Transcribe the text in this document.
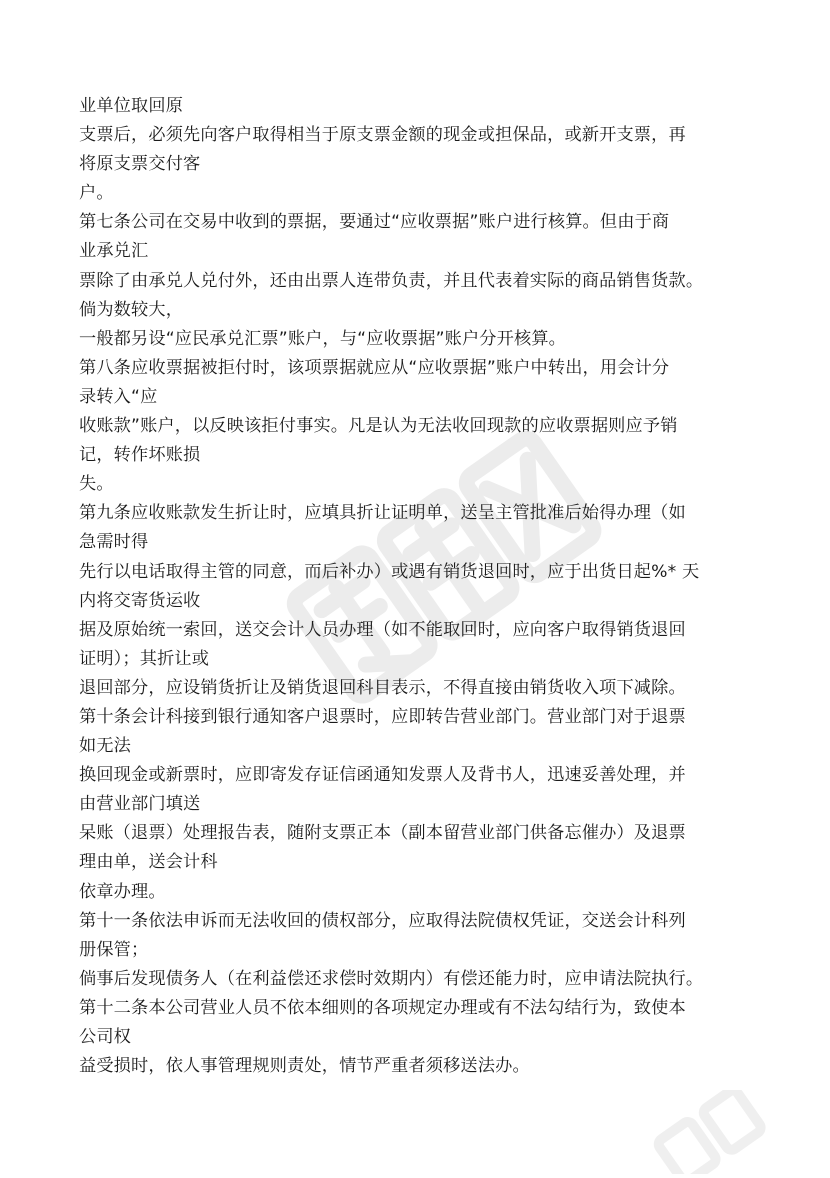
业单位取回原
支票后，必须先向客户取得相当于原支票金额的现金或担保品，或新开支票，再
将原支票交付客
户。
第七条公司在交易中收到的票据，要通过“应收票据”账户进行核算。但由于商
业承兑汇
票除了由承兑人兑付外，还由出票人连带负责，并且代表着实际的商品销售货款。
倘为数较大，
一般都另设“应民承兑汇票”账户，与“应收票据”账户分开核算。
第八条应收票据被拒付时，该项票据就应从“应收票据”账户中转出，用会计分
录转入“应
收账款”账户，以反映该拒付事实。凡是认为无法收回现款的应收票据则应予销
记，转作坏账损
失。
第九条应收账款发生折让时，应填具折让证明单，送呈主管批准后始得办理（如
急需时得
先行以电话取得主管的同意，而后补办）或遇有销货退回时，应于出货日起%* 天
内将交寄货运收
据及原始统一索回，送交会计人员办理（如不能取回时，应向客户取得销货退回
证明）；其折让或
退回部分，应设销货折让及销货退回科目表示，不得直接由销货收入项下减除。
第十条会计科接到银行通知客户退票时，应即转告营业部门。营业部门对于退票
如无法
换回现金或新票时，应即寄发存证信函通知发票人及背书人，迅速妥善处理，并
由营业部门填送
呆账（退票）处理报告表，随附支票正本（副本留营业部门供备忘催办）及退票
理由单，送会计科
依章办理。
第十一条依法申诉而无法收回的债权部分，应取得法院债权凭证，交送会计科列
册保管；
倘事后发现债务人（在利益偿还求偿时效期内）有偿还能力时，应申请法院执行。
第十二条本公司营业人员不依本细则的各项规定办理或有不法勾结行为，致使本
公司权
益受损时，依人事管理规则责处，情节严重者须移送法办。
